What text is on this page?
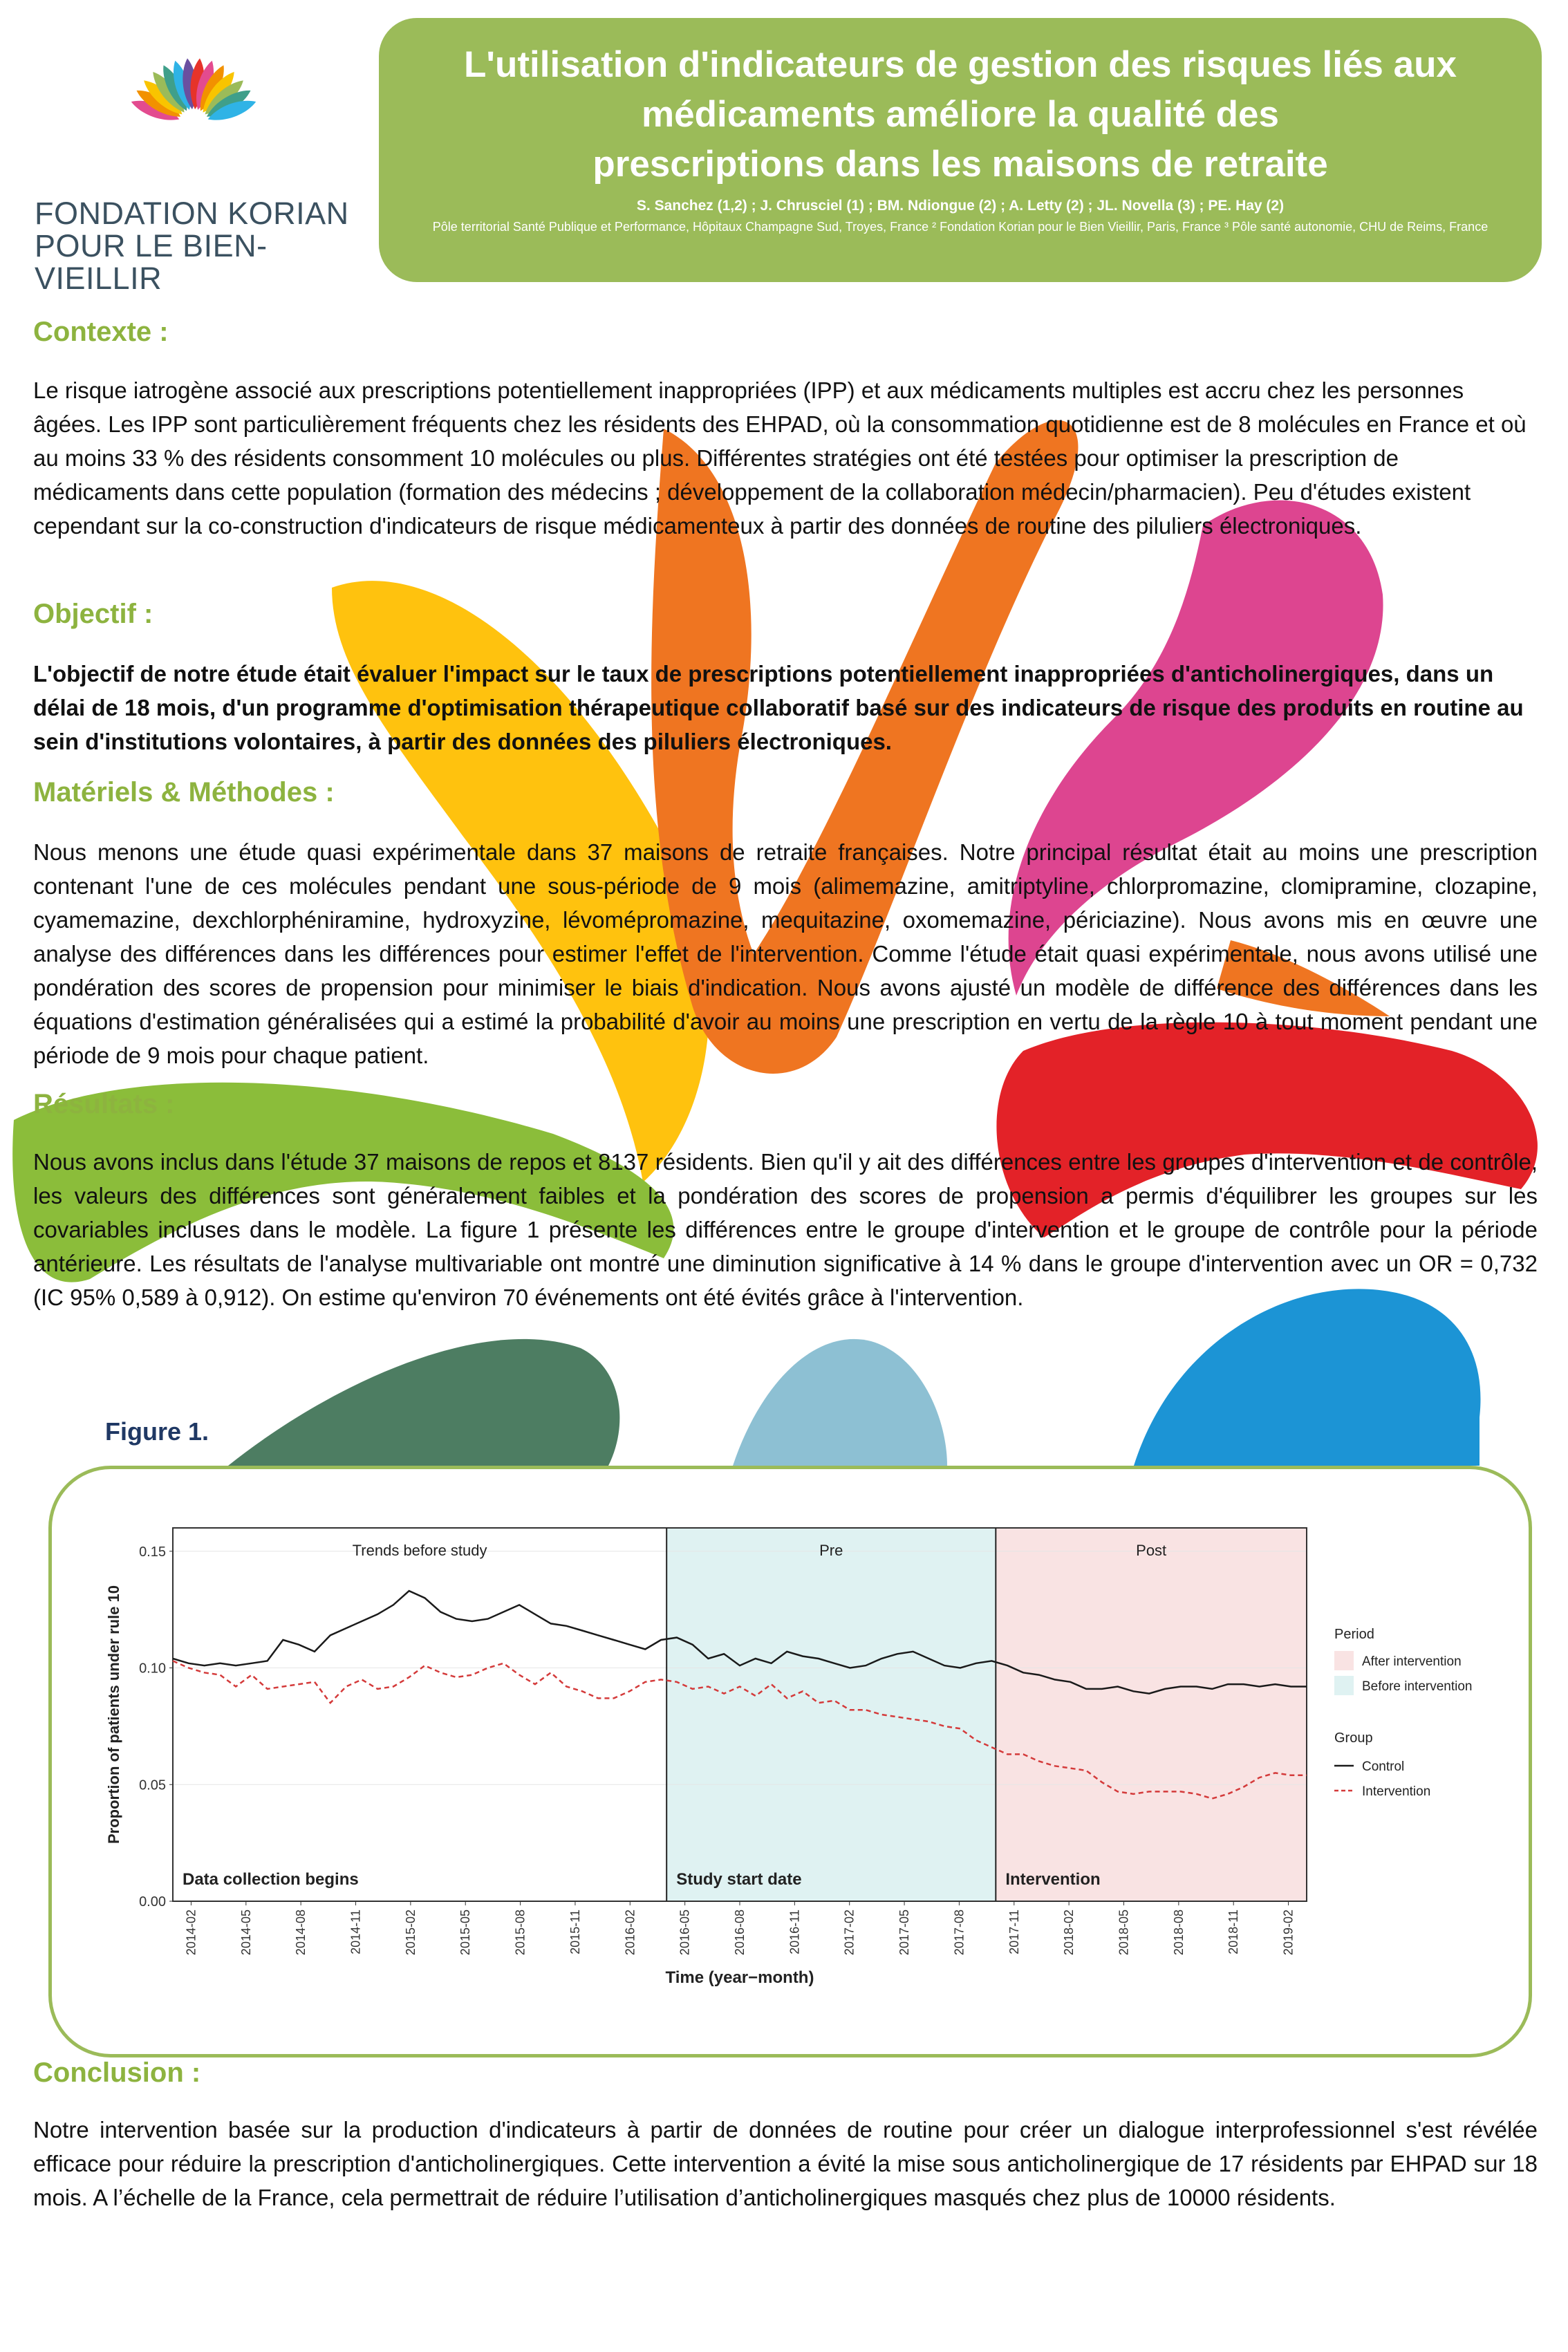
FONDATION KORIAN
POUR LE BIEN-VIEILLIR
L'utilisation d'indicateurs de gestion des risques liés aux
médicaments améliore la qualité des
prescriptions dans les maisons de retraite
S. Sanchez (1,2) ; J. Chrusciel (1) ; BM. Ndiongue (2) ; A. Letty (2) ; JL. Novella (3) ; PE. Hay (2)
Pôle territorial Santé Publique et Performance, Hôpitaux Champagne Sud, Troyes, France ² Fondation Korian pour le Bien Vieillir, Paris, France ³ Pôle santé autonomie, CHU de Reims, France
Contexte :
Le risque iatrogène associé aux prescriptions potentiellement inappropriées (IPP) et aux médicaments multiples est accru chez les personnes âgées. Les IPP sont particulièrement fréquents chez les résidents des EHPAD, où la consommation quotidienne est de 8 molécules en France et où au moins 33 % des résidents consomment 10 molécules ou plus. Différentes stratégies ont été testées pour optimiser la prescription de médicaments dans cette population (formation des médecins ; développement de la collaboration médecin/pharmacien). Peu d'études existent cependant sur la co-construction d'indicateurs de risque médicamenteux à partir des données de routine des piluliers électroniques.
Objectif :
L'objectif de notre étude était évaluer l'impact sur le taux de prescriptions potentiellement inappropriées d'anticholinergiques, dans un délai de 18 mois, d'un programme d'optimisation thérapeutique collaboratif basé sur des indicateurs de risque des produits en routine au sein d'institutions volontaires, à partir des données des piluliers électroniques.
Matériels & Méthodes :
Nous menons une étude quasi expérimentale dans 37 maisons de retraite françaises. Notre principal résultat était au moins une prescription contenant l'une de ces molécules pendant une sous-période de 9 mois (alimemazine, amitriptyline, chlorpromazine, clomipramine, clozapine, cyamemazine, dexchlorphéniramine, hydroxyzine, lévomépromazine, mequitazine, oxomemazine, périciazine). Nous avons mis en œuvre une analyse des différences dans les différences pour estimer l'effet de l'intervention. Comme l'étude était quasi expérimentale, nous avons utilisé une pondération des scores de propension pour minimiser le biais d'indication. Nous avons ajusté un modèle de différence des différences dans les équations d'estimation généralisées qui a estimé la probabilité d'avoir au moins une prescription en vertu de la règle 10 à tout moment pendant une période de 9 mois pour chaque patient.
Résultats :
Nous avons inclus dans l'étude 37 maisons de repos et 8137 résidents. Bien qu'il y ait des différences entre les groupes d'intervention et de contrôle, les valeurs des différences sont généralement faibles et la pondération des scores de propension a permis d'équilibrer les groupes sur les covariables incluses dans le modèle. La figure 1 présente les différences entre le groupe d'intervention et le groupe de contrôle pour la période antérieure. Les résultats de l'analyse multivariable ont montré une diminution significative à 14 % dans le groupe d'intervention avec un OR = 0,732 (IC 95% 0,589 à 0,912). On estime qu'environ 70 événements ont été évités grâce à l'intervention.
Figure 1.
0.00
0.05
0.10
0.15	Trends before study	Pre	Post
Data collection begins	Study start date	Intervention
2014-02	2014-05	2014-08	2014-11	2015-02	2015-05	2015-08	2015-11	2016-02	2016-05	2016-08	2016-11	2017-02	2017-05	2017-08	2017-11	2018-02	2018-05	2018-08	2018-11	2019-02
Time (year−month)
Proportion of patients under rule 10	Period
After intervention
Before intervention
Group
Control
Intervention
Conclusion :
Notre intervention basée sur la production d'indicateurs à partir de données de routine pour créer un dialogue interprofessionnel s'est révélée efficace pour réduire la prescription d'anticholinergiques. Cette intervention a évité la mise sous anticholinergique de 17 résidents par EHPAD sur 18 mois. A l’échelle de la France, cela permettrait de réduire l’utilisation d’anticholinergiques masqués chez plus de 10000 résidents.
